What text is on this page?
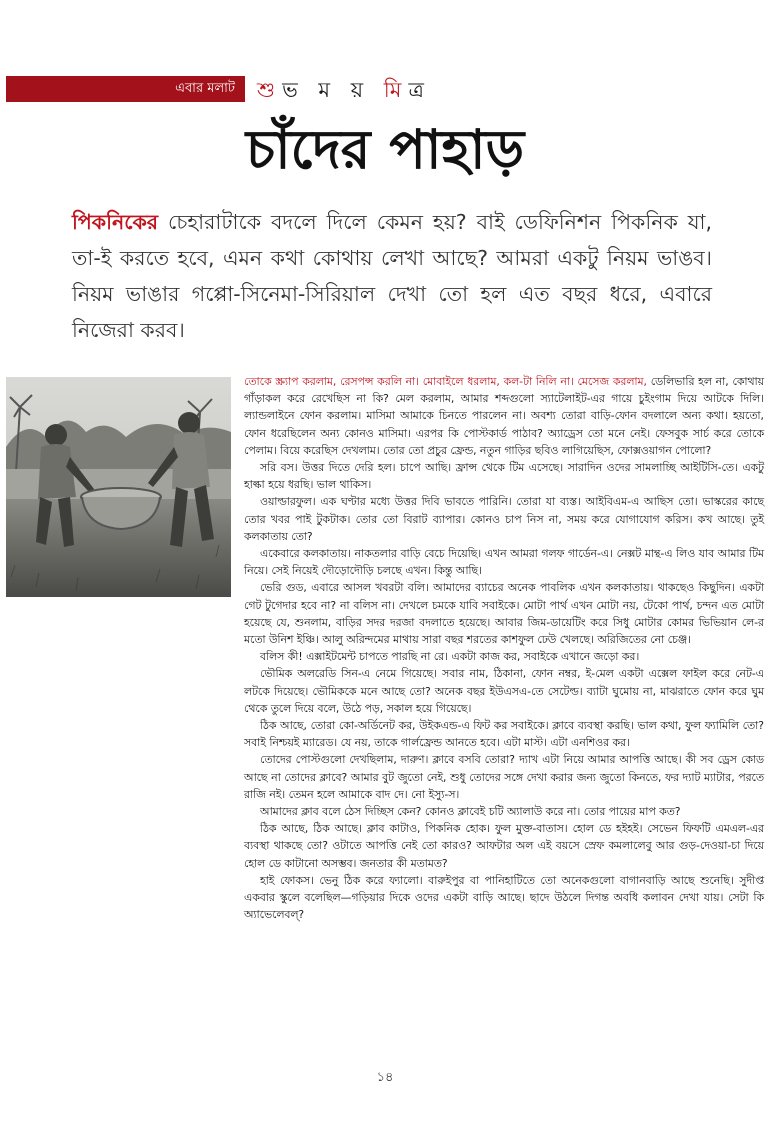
এবার মলাট শুভ ম য় মিত্র
চাঁদের পাহাড়
পিকনিকের চেহারাটাকে বদলে দিলে কেমন হয়? বাই ডেফিনিশন পিকনিক যা, তা-ই করতে হবে, এমন কথা কোথায় লেখা আছে? আমরা একটু নিয়ম ভাঙব। নিয়ম ভাঙার গপ্পো-সিনেমা-সিরিয়াল দেখা তো হল এত বছর ধরে, এবারে নিজেরা করব।

তোকে স্ক্র্যাপ করলাম, রেসপন্স করলি না। মোবাইলে ধরলাম, কল-টা নিলি না। মেসেজ করলাম, ডেলিভারি হল না, কোথায় গাঁড়াকল করে রেখেছিস না কি? মেল করলাম, আমার শব্দগুলো স্যাটেলাইট-এর গায়ে চুইংগাম দিয়ে আটকে দিলি। ল্যান্ডলাইনে ফোন করলাম। মাসিমা আমাকে চিনতে পারলেন না। অবশ্য তোরা বাড়ি-ফোন বদলালে অন্য কথা। হয়তো, ফোন ধরেছিলেন অন্য কোনও মাসিমা। এরপর কি পোস্টকার্ড পাঠাব? অ্যাড্রেস তো মনে নেই। ফেসবুক সার্চ করে তোকে পেলাম। বিয়ে করেছিস দেখলাম। তোর তো প্রচুর ফ্রেন্ড, নতুন গাড়ির ছবিও লাগিয়েছিস, ফোক্সওয়াগন পোলো?

সরি বস। উত্তর দিতে দেরি হল। চাপে আছি। ফ্রান্স থেকে টিম এসেছে। সারাদিন ওদের সামলাচ্ছি আইটিসি-তে। একটু হাল্কা হয়ে ধরছি। ভাল থাকিস।

ওয়াল্ডারফুল। এক ঘণ্টার মধ্যে উত্তর দিবি ভাবতে পারিনি। তোরা যা ব্যস্ত। আইবিএম-এ আছিস তো। ভাস্করের কাছে তোর খবর পাই টুকটাক। তোর তো বিরাট ব্যাপার। কোনও চাপ নিস না, সময় করে যোগাযোগ করিস। কখ আছে। তুই কলকাতায় তো?

একেবারে কলকাতায়। নাকতলার বাড়ি বেচে দিয়েছি। এখন আমরা গলফ গার্ডেন-এ। নেক্সট মান্থ-এ লিও যাব আমার টিম নিয়ে। সেই নিয়েই দৌড়োদৌড়ি চলছে এখন। কিন্তু আছি।

ভেরি গুড, এবারে আসল খবরটা বলি। আমাদের ব্যাচের অনেক পাবলিক এখন কলকাতায়। থাকছেও কিছুদিন। একটা গেট টুগেদার হবে না? না বলিস না। দেখলে চমকে যাবি সবাইকে। মোটা পার্থ এখন মোটা নয়, টেকো পার্থ, চন্দন এত মোটা হয়েছে যে, শুনলাম, বাড়ির সদর দরজা বদলাতে হয়েছে। আবার জিম-ডায়েটিং করে সিধু মোটার কোমর ভিভিয়ান লে-র মতো উনিশ ইঞ্চি। আলু অরিন্দমের মাথায় সারা বছর শরতের কাশফুল ঢেউ খেলছে। অরিজিতের নো চেঞ্জ।

বলিস কী! এক্সাইটমেন্ট চাপতে পারছি না রে। একটা কাজ কর, সবাইকে এখানে জড়ো কর।

ভৌমিক অলরেডি সিন-এ নেমে গিয়েছে। সবার নাম, ঠিকানা, ফোন নম্বর, ই-মেল একটা এক্সেল ফাইল করে নেট-এ লটকে দিয়েছে। ভৌমিককে মনে আছে তো? অনেক বছর ইউএসএ-তে সেটেল্ড। ব্যাটা ঘুমোয় না, মাঝরাতে ফোন করে ঘুম থেকে তুলে দিয়ে বলে, উঠে পড়, সকাল হয়ে গিয়েছে।

ঠিক আছে, তোরা কো-অর্ডিনেট কর, উইকএন্ড-এ ফিট কর সবাইকে। ক্লাবে ব্যবস্থা করছি। ভাল কথা, ফুল ফ্যামিলি তো? সবাই নিশ্চয়ই ম্যারেড। যে নয়, তাকে গার্লফ্রেন্ড আনতে হবে। এটা মাস্ট। এটা এনশিওর কর।

তোদের পোস্টগুলো দেখছিলাম, দারুণ। ক্লাবে বসবি তোরা? দ্যাখ এটা নিয়ে আমার আপত্তি আছে। কী সব ড্রেস কোড আছে না তোদের ক্লাবে? আমার বুট জুতো নেই, শুধু তোদের সঙ্গে দেখা করার জন্য জুতো কিনতে, ফর দ্যাট ম্যাটার, পরতে রাজি নই। তেমন হলে আমাকে বাদ দে। নো ইস্যু-স।

আমাদের ক্লাব বলে ঠেস দিচ্ছিস কেন? কোনও ক্লাবেই চটি অ্যালাউ করে না। তোর পায়ের মাপ কত?

ঠিক আছে, ঠিক আছে। ক্লাব কাটাও, পিকনিক হোক। ফুল মুক্ত-বাতাস। হোল ডে হইহই। সেভেন ফিফটি এমএল-এর ব্যবস্থা থাকছে তো? ওটাতে আপত্তি নেই তো কারও? আফটার অল এই বয়সে স্রেফ কমলালেবু আর গুড়-দেওয়া-চা দিয়ে হোল ডে কাটানো অসম্ভব। জনতার কী মতামত?

হাই ফোকস। ভেনু ঠিক করে ফ্যালো। বারুইপুর বা পানিহাটিতে তো অনেকগুলো বাগানবাড়ি আছে শুনেছি। সুদীপ্ত একবার স্কুলে বলেছিল—গড়িয়ার দিকে ওদের একটা বাড়ি আছে। ছাদে উঠলে দিগন্ত অবধি কলাবন দেখা যায়। সেটা কি অ্যাভেলেবল্?

১৪
